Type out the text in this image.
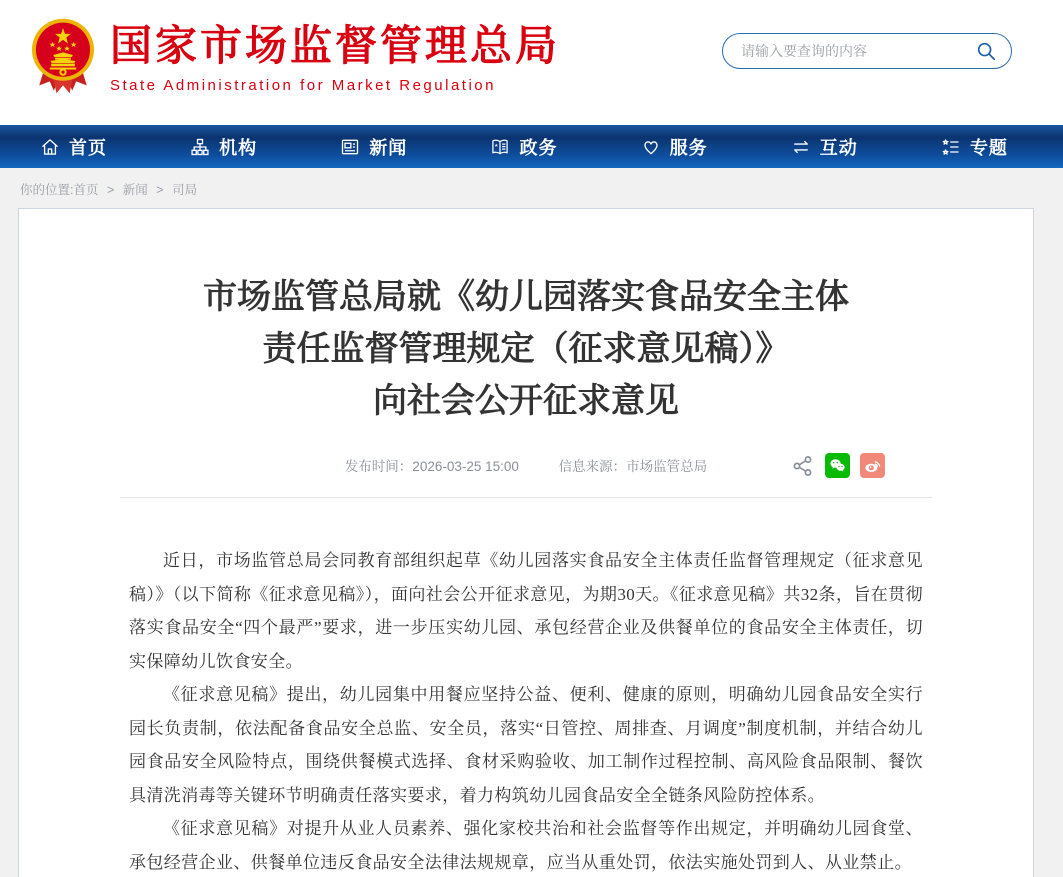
国家市场监督管理总局
State Administration for Market Regulation
请输入要查询的内容
首页	机构	新闻	政务	服务	互动	专题
你的位置:首页 > 新闻 > 司局
市场监管总局就《幼儿园落实食品安全主体
责任监督管理规定（征求意见稿）》
向社会公开征求意见
发布时间：2026-03-25 15:00	信息来源：市场监管总局

近日，市场监管总局会同教育部组织起草《幼儿园落实食品安全主体责任监督管理规定（征求意见稿）》（以下简称《征求意见稿》），面向社会公开征求意见，为期30天。《征求意见稿》共32条，旨在贯彻落实食品安全“四个最严”要求，进一步压实幼儿园、承包经营企业及供餐单位的食品安全主体责任，切实保障幼儿饮食安全。

《征求意见稿》提出，幼儿园集中用餐应坚持公益、便利、健康的原则，明确幼儿园食品安全实行园长负责制，依法配备食品安全总监、安全员，落实“日管控、周排查、月调度”制度机制，并结合幼儿园食品安全风险特点，围绕供餐模式选择、食材采购验收、加工制作过程控制、高风险食品限制、餐饮具清洗消毒等关键环节明确责任落实要求，着力构筑幼儿园食品安全全链条风险防控体系。

《征求意见稿》对提升从业人员素养、强化家校共治和社会监督等作出规定，并明确幼儿园食堂、承包经营企业、供餐单位违反食品安全法律法规规章，应当从重处罚，依法实施处罚到人、从业禁止。
